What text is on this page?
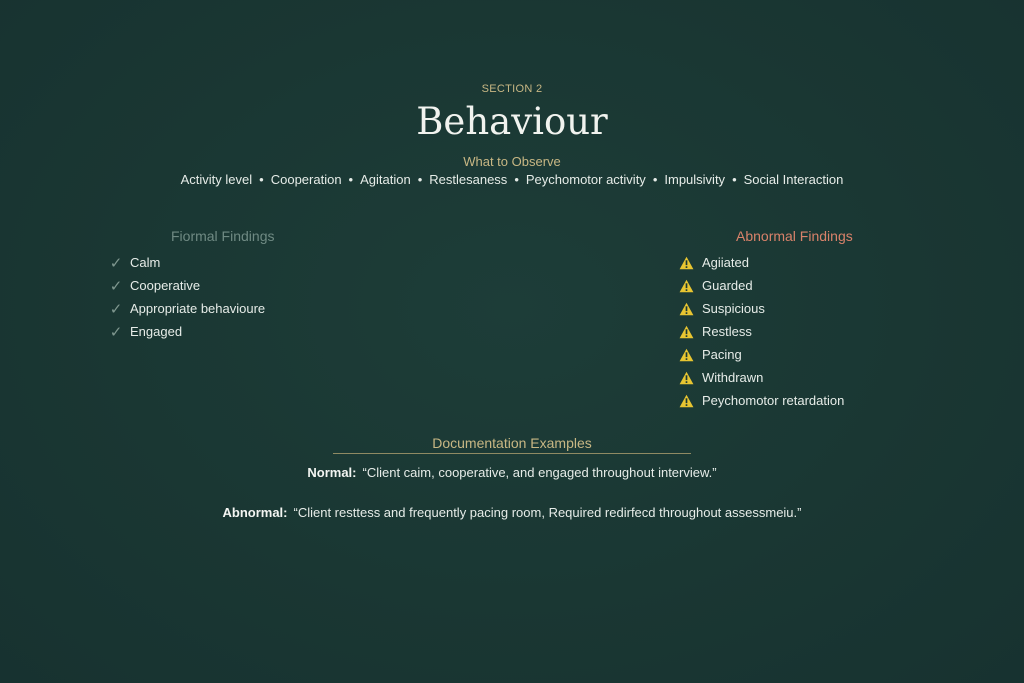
SECTION 2
Behaviour
What to Observe
Activity level • Cooperation • Agitation • Restlesaness • Peychomotor activity • Impulsivity • Social Interaction
Fiormal Findings
✓ Calm
✓ Cooperative
✓ Appropriate behavioure
✓ Engaged
Abnormal Findings
Agiiated
Guarded
Suspicious
Restless
Pacing
Withdrawn
Peychomotor retardation
Documentation Examples
Normal: “Client caim, cooperative, and engaged throughout interview.”
Abnormal: “Client resttess and frequently pacing room, Required redirfecd throughout assessmeiu.”
